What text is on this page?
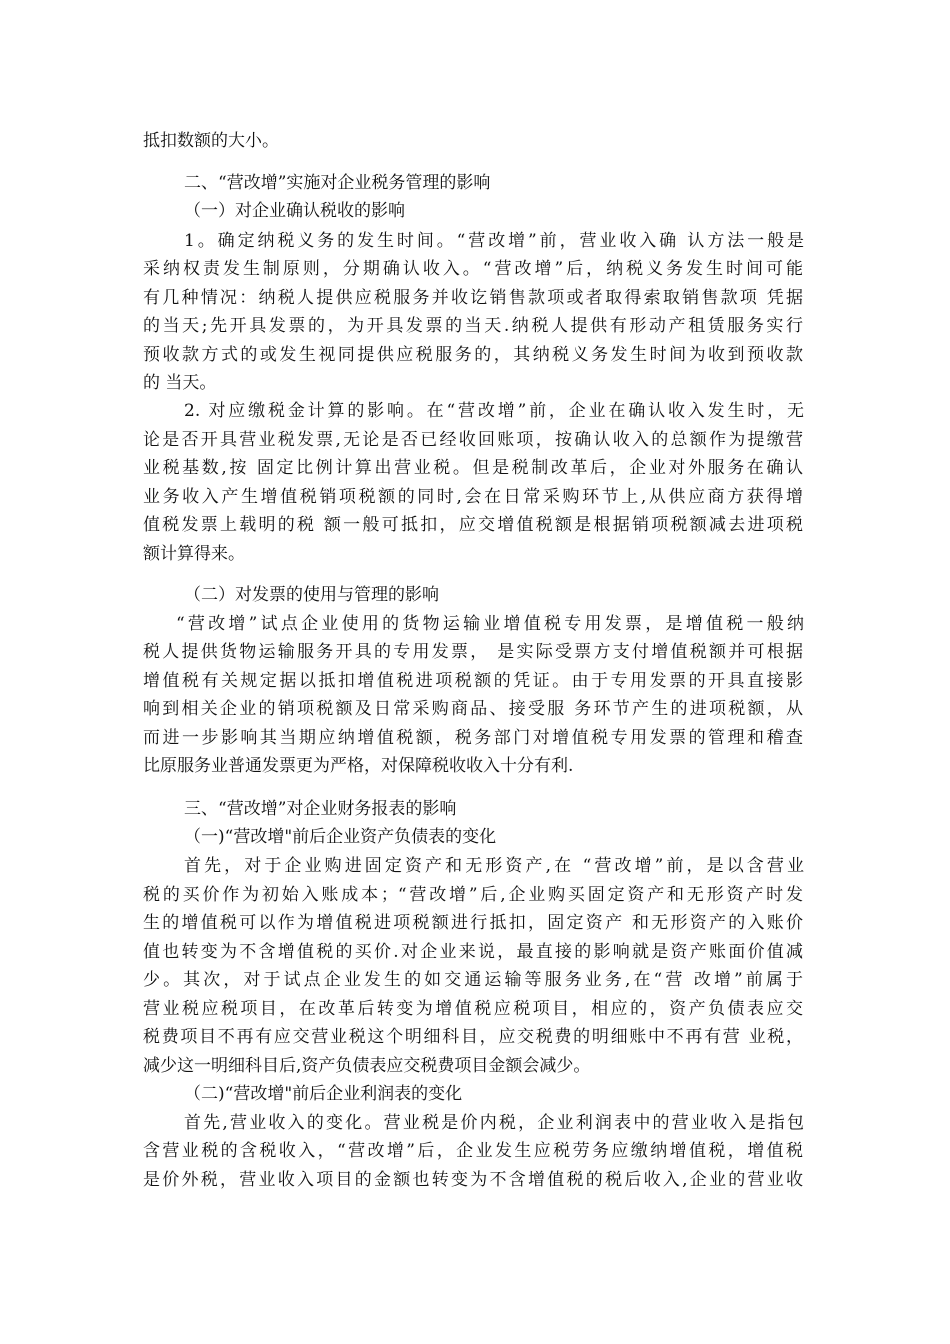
抵扣数额的大小。
二、“营改增”实施对企业税务管理的影响
（一）对企业确认税收的影响
1。确定纳税义务的发生时间。“营改增”前，营业收入确 认方法一般是
采纳权责发生制原则，分期确认收入。“营改增”后，纳税义务发生时间可能
有几种情况：纳税人提供应税服务并收讫销售款项或者取得索取销售款项 凭据
的当天;先开具发票的，为开具发票的当天.纳税人提供有形动产租赁服务实行
预收款方式的或发生视同提供应税服务的，其纳税义务发生时间为收到预收款
的 当天。
2. 对应缴税金计算的影响。在“营改增”前，企业在确认收入发生时，无
论是否开具营业税发票,无论是否已经收回账项，按确认收入的总额作为提缴营
业税基数,按 固定比例计算出营业税。但是税制改革后，企业对外服务在确认
业务收入产生增值税销项税额的同时,会在日常采购环节上,从供应商方获得增
值税发票上载明的税 额一般可抵扣，应交增值税额是根据销项税额减去进项税
额计算得来。
（二）对发票的使用与管理的影响
“营改增”试点企业使用的货物运输业增值税专用发票，是增值税一般纳
税人提供货物运输服务开具的专用发票， 是实际受票方支付增值税额并可根据
增值税有关规定据以抵扣增值税进项税额的凭证。由于专用发票的开具直接影
响到相关企业的销项税额及日常采购商品、接受服 务环节产生的进项税额，从
而进一步影响其当期应纳增值税额，税务部门对增值税专用发票的管理和稽查
比原服务业普通发票更为严格，对保障税收收入十分有利.
三、“营改增”对企业财务报表的影响
（一)“营改增"前后企业资产负债表的变化
首先，对于企业购进固定资产和无形资产,在 “营改增”前，是以含营业
税的买价作为初始入账成本；“营改增”后,企业购买固定资产和无形资产时发
生的增值税可以作为增值税进项税额进行抵扣，固定资产 和无形资产的入账价
值也转变为不含增值税的买价.对企业来说，最直接的影响就是资产账面价值减
少。其次，对于试点企业发生的如交通运输等服务业务,在“营 改增”前属于
营业税应税项目，在改革后转变为增值税应税项目，相应的，资产负债表应交
税费项目不再有应交营业税这个明细科目，应交税费的明细账中不再有营 业税，
减少这一明细科目后,资产负债表应交税费项目金额会减少。
（二)“营改增"前后企业利润表的变化
首先,营业收入的变化。营业税是价内税，企业利润表中的营业收入是指包
含营业税的含税收入，“营改增”后，企业发生应税劳务应缴纳增值税，增值税
是价外税，营业收入项目的金额也转变为不含增值税的税后收入,企业的营业收
